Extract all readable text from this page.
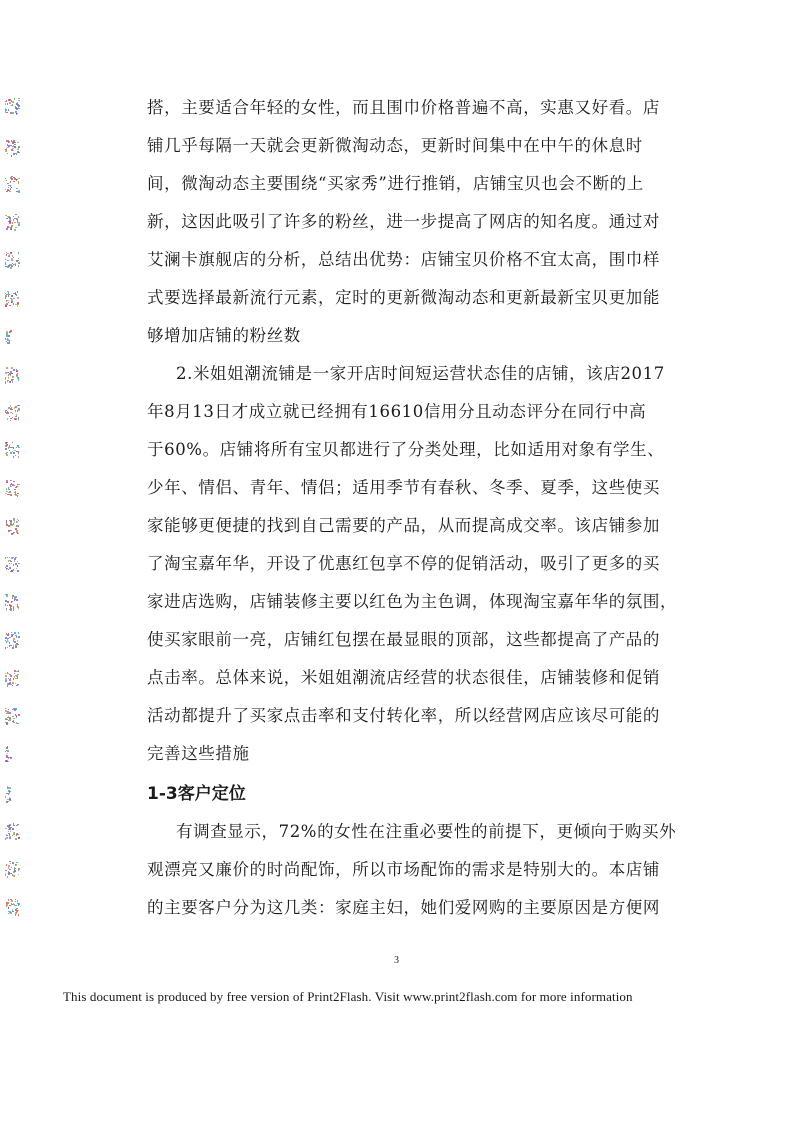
搭，主要适合年轻的女性，而且围巾价格普遍不高，实惠又好看。店
铺几乎每隔一天就会更新微淘动态，更新时间集中在中午的休息时
间，微淘动态主要围绕“买家秀”进行推销，店铺宝贝也会不断的上
新，这因此吸引了许多的粉丝，进一步提高了网店的知名度。通过对
艾澜卡旗舰店的分析，总结出优势：店铺宝贝价格不宜太高，围巾样
式要选择最新流行元素，定时的更新微淘动态和更新最新宝贝更加能
够增加店铺的粉丝数
2.米姐姐潮流铺是一家开店时间短运营状态佳的店铺，该店2017
年8月13日才成立就已经拥有16610信用分且动态评分在同行中高
于60%。店铺将所有宝贝都进行了分类处理，比如适用对象有学生、
少年、情侣、青年、情侣；适用季节有春秋、冬季、夏季，这些使买
家能够更便捷的找到自己需要的产品，从而提高成交率。该店铺参加
了淘宝嘉年华，开设了优惠红包享不停的促销活动，吸引了更多的买
家进店选购，店铺装修主要以红色为主色调，体现淘宝嘉年华的氛围，
使买家眼前一亮，店铺红包摆在最显眼的顶部，这些都提高了产品的
点击率。总体来说，米姐姐潮流店经营的状态很佳，店铺装修和促销
活动都提升了买家点击率和支付转化率，所以经营网店应该尽可能的
完善这些措施
1-3客户定位
有调查显示，72%的女性在注重必要性的前提下，更倾向于购买外
观漂亮又廉价的时尚配饰，所以市场配饰的需求是特别大的。本店铺
的主要客户分为这几类：家庭主妇，她们爱网购的主要原因是方便网
3
This document is produced by free version of Print2Flash. Visit www.print2flash.com for more information
